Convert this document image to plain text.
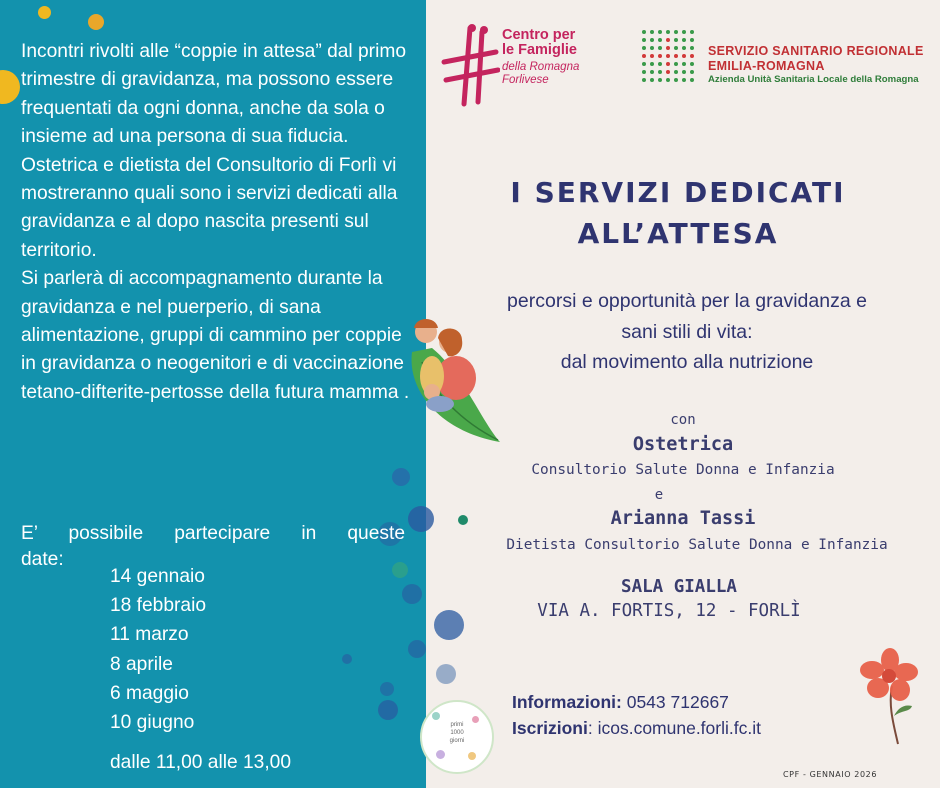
Incontri rivolti alle “coppie in attesa” dal primo trimestre di gravidanza, ma possono essere frequentati da ogni donna, anche da sola o insieme ad una persona di sua fiducia.

Ostetrica e dietista del Consultorio di Forlì vi mostreranno quali sono i servizi dedicati alla gravidanza e al dopo nascita presenti sul territorio.

Si parlerà di accompagnamento durante la gravidanza e nel puerperio, di sana alimentazione, gruppi di cammino per coppie in gravidanza o neogenitori e di vaccinazione tetano-difterite-pertosse della futura mamma .

E’ possibile partecipare in queste
date:
14 gennaio
18 febbraio
11 marzo
8 aprile
6 maggio
10 giugno
dalle 11,00 alle 13,00
Centro per
le Famiglie
della Romagna
Forlivese
SERVIZIO SANITARIO REGIONALE
EMILIA-ROMAGNA
Azienda Unità Sanitaria Locale della Romagna
I SERVIZI DEDICATI
ALL’ATTESA
percorsi e opportunità per la gravidanza e
sani stili di vita:
dal movimento alla nutrizione
con
Ostetrica
Consultorio Salute Donna e Infanzia
e
Arianna Tassi
Dietista Consultorio Salute Donna e Infanzia
SALA GIALLA
VIA A. FORTIS, 12 - FORLÌ
Informazioni: 0543 712667
Iscrizioni: icos.comune.forli.fc.it
primi
1000
giorni
CPF - GENNAIO 2026
